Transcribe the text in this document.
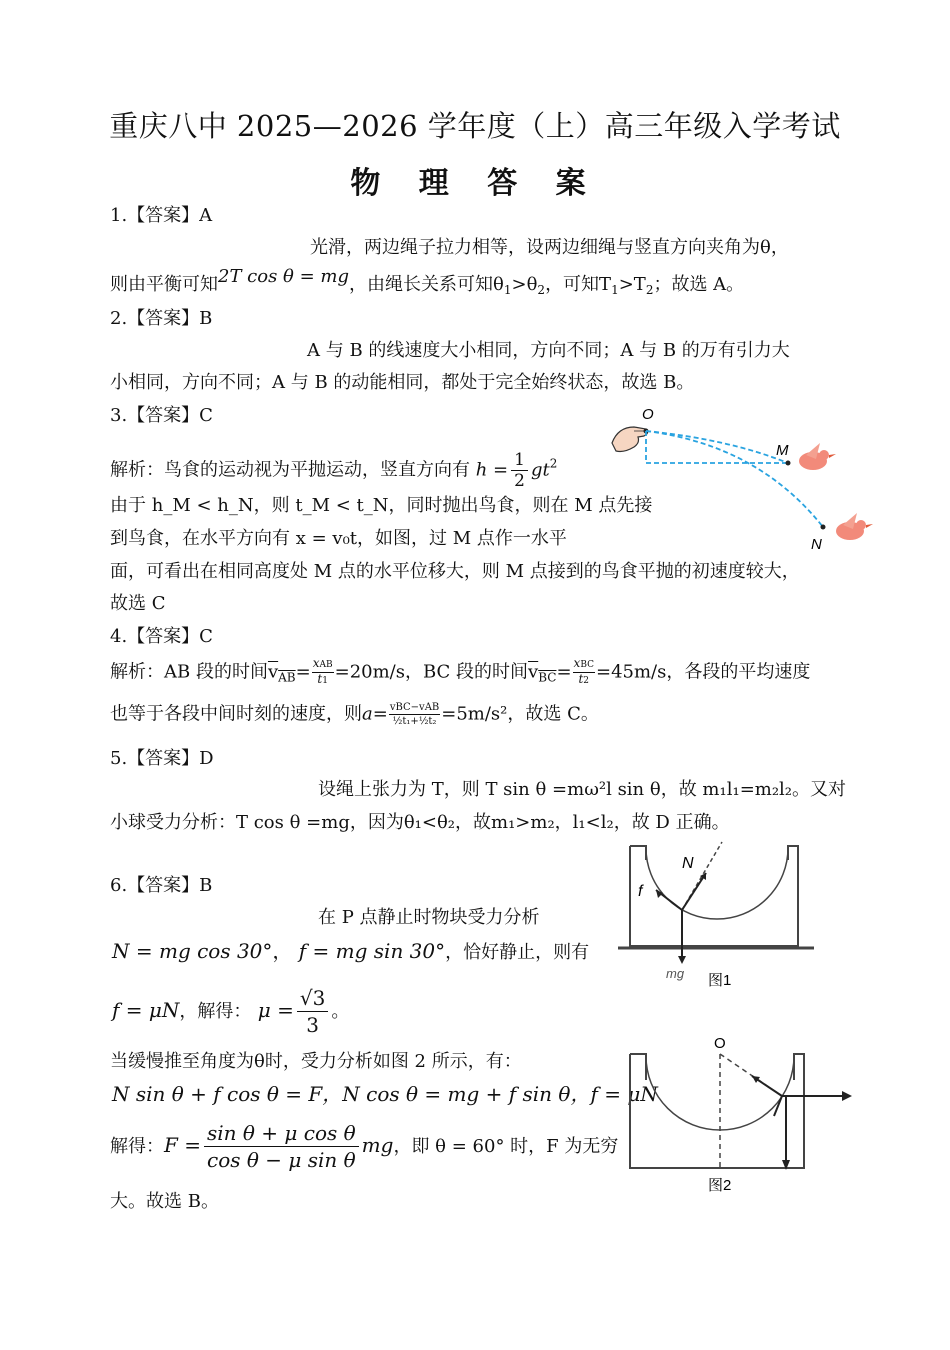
重庆八中 2025—2026 学年度（上）高三年级入学考试
物 理 答 案
1.【答案】A
光滑，两边绳子拉力相等，设两边细绳与竖直方向夹角为θ，
则由平衡可知2T cos θ = mg，由绳长关系可知$\theta_1>\theta_2$，可知$T_1>T_2$；故选 A。
2.【答案】B
A 与 B 的线速度大小相同，方向不同；A 与 B 的万有引力大
小相同，方向不同；A 与 B 的动能相同，都处于完全始终状态，故选 B。
3.【答案】C
解析：鸟食的运动视为平抛运动，竖直方向有 $h = \frac{1}{2} gt^2$
由于 h_M < h_N，则 t_M < t_N，同时抛出鸟食，则在 M 点先接
到鸟食，在水平方向有 x = v₀t，如图，过 M 点作一水平
面，可看出在相同高度处 M 点的水平位移大，则 M 点接到的鸟食平抛的初速度较大，
故选 C
O
M
N
4.【答案】C
解析：AB 段的时间$\overline{v}_{\overline{AB}}= \frac{\text{xAB}}{t1} =20m/s$，BC 段的时间$\overline{v}_{\overline{BC}}= \frac{\text{xBC}}{t2} =45m/s$，各段的平均速度
也等于各段中间时刻的速度，则$a= \frac{\text{vBC−vAB}}{\text{½t₁+½t₂}} =5m/s^2$，故选 C。
5.【答案】D
设绳上张力为 T，则 T sin θ =mω²l sin θ，故 m₁l₁=m₂l₂。又对
小球受力分析：T cos θ =mg，因为θ₁<θ₂，故m₁>m₂，l₁<l₂，故 D 正确。
6.【答案】B
在 P 点静止时物块受力分析
N = mg cos 30°， f = mg sin 30°，恰好静止，则有
f = μN，解得： $\mu = \frac{√3}{3}$ 。
当缓慢推至角度为θ时，受力分析如图 2 所示，有：
N sin θ + f cos θ = F，N cos θ = mg + f sin θ，f = μN
解得：$F = \frac{\text{sin θ + μ cos θ}}{\text{cos θ − μ sin θ}}$ mg，即 θ = 60° 时，F 为无穷
大。故选 B。
N
f
mg 图1
O
图2
